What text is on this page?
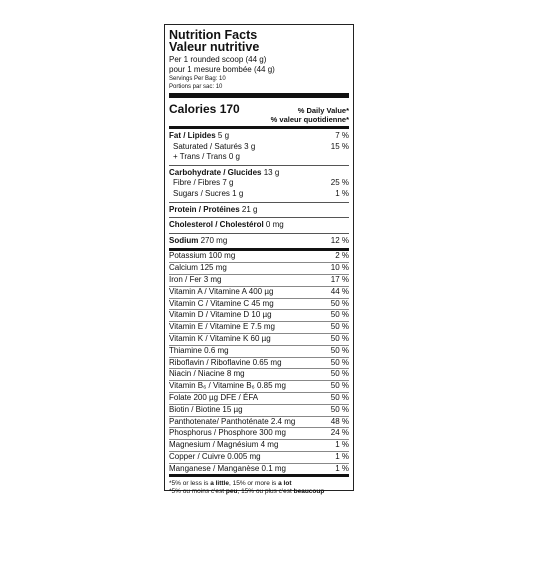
Nutrition Facts
Valeur nutritive
Per 1 rounded scoop (44 g)
pour 1 mesure bombée (44 g)
Servings Per Bag: 10
Portions par sac: 10
Calories 170	% Daily Value*
% valeur quotidienne*
Fat / Lipides 5 g	7 %
Saturated / Saturés 3 g	15 %
+ Trans / Trans 0 g
Carbohydrate / Glucides 13 g
Fibre / Fibres 7 g	25 %
Sugars / Sucres 1 g	1 %
Protein / Protéines 21 g
Cholesterol / Cholestérol 0 mg
Sodium 270 mg	12 %
Potassium 100 mg	2 %
Calcium 125 mg	10 %
Iron / Fer 3 mg	17 %
Vitamin A / Vitamine A 400 µg	44 %
Vitamin C / Vitamine C 45 mg	50 %
Vitamin D / Vitamine D 10 µg	50 %
Vitamin E / Vitamine E 7.5 mg	50 %
Vitamin K / Vitamine K 60 µg	50 %
Thiamine 0.6 mg	50 %
Riboflavin / Riboflavine 0.65 mg	50 %
Niacin / Niacine 8 mg	50 %
Vitamin B₆ / Vitamine B₆ 0.85 mg	50 %
Folate 200 µg DFE / ÉFA	50 %
Biotin / Biotine 15 µg	50 %
Panthotenate/ Panthoténate 2.4 mg	48 %
Phosphorus / Phosphore 300 mg	24 %
Magnesium / Magnésium 4 mg	1 %
Copper / Cuivre 0.005 mg	1 %
Manganese / Manganèse 0.1 mg	1 %
*5% or less is a little, 15% or more is a lot
*5% ou moins c'est peu, 15% ou plus c'est beaucoup
